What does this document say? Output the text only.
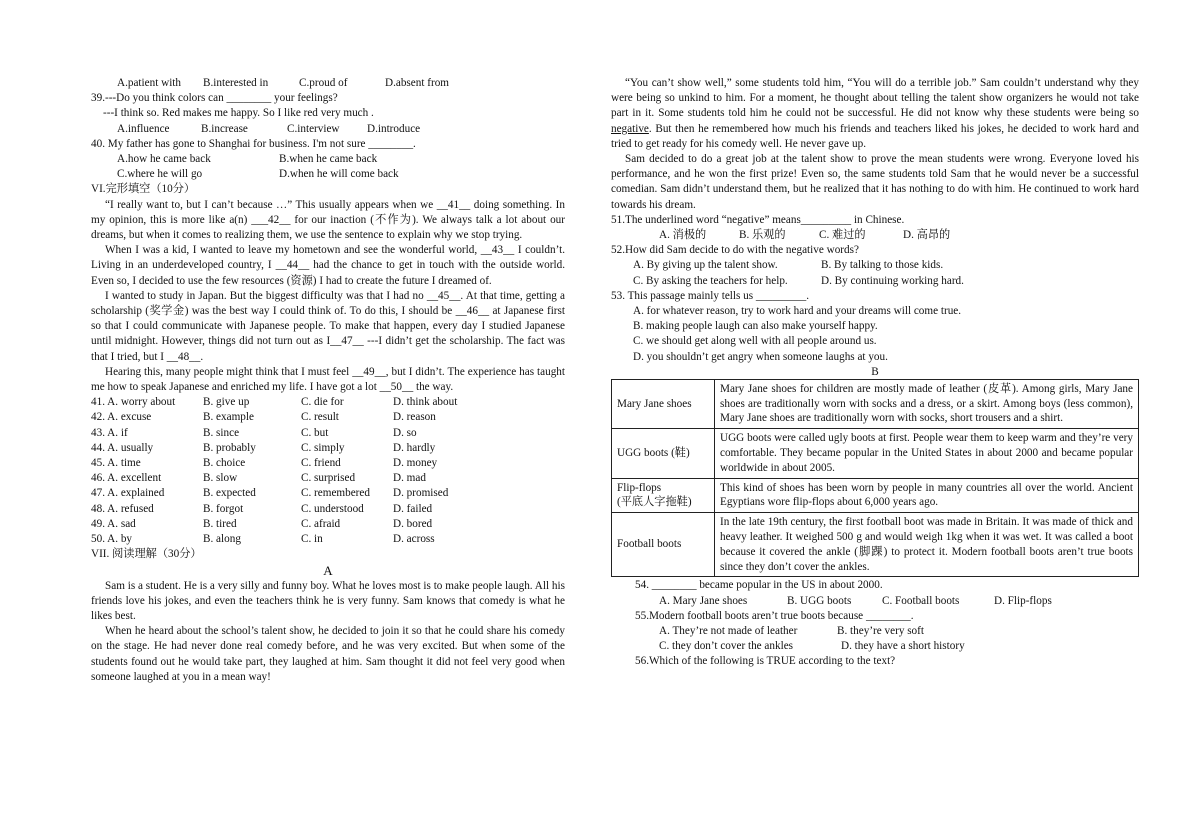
A.patient with	B.interested in	C.proud of	D.absent from
39.---Do you think colors can ________ your feelings?
---I think so. Red makes me happy. So I like red very much .
A.influence	B.increase	C.interview	D.introduce
40. My father has gone to Shanghai for business. I'm not sure ________.
A.how he came back	B.when he came back
C.where he will go	D.when he will come back
VI.完形填空（10分）
“I really want to, but I can’t because …” This usually appears when we __41__ doing something. In my opinion, this is more like a(n) ___42__ for our inaction (不作为). We always talk a lot about our dreams, but when it comes to realizing them, we use the sentence to explain why we stop trying.
When I was a kid, I wanted to leave my hometown and see the wonderful world, __43__ I couldn’t. Living in an underdeveloped country, I __44__ had the chance to get in touch with the outside world. Even so, I decided to use the few resources (资源) I had to create the future I dreamed of.
I wanted to study in Japan. But the biggest difficulty was that I had no __45__. At that time, getting a scholarship (奖学金) was the best way I could think of. To do this, I should be __46__ at Japanese first so that I could communicate with Japanese people. To make that happen, every day I studied Japanese until midnight. However, things did not turn out as I__47__ ---I didn’t get the scholarship. The fact was that I tried, but I __48__.
Hearing this, many people might think that I must feel __49__, but I didn’t. The experience has taught me how to speak Japanese and enriched my life. I have got a lot __50__ the way.
41. A. worry about	B. give up	C. die for	D. think about
42. A. excuse	B. example	C. result	D. reason
43. A. if	B. since	C. but	D. so
44. A. usually	B. probably	C. simply	D. hardly
45. A. time	B. choice	C. friend	D. money
46. A. excellent	B. slow	C. surprised	D. mad
47. A. explained	B. expected	C. remembered	D. promised
48. A. refused	B. forgot	C. understood	D. failed
49. A. sad	B. tired	C. afraid	D. bored
50. A. by	B. along	C. in	D. across
VII. 阅读理解（30分）
A
Sam is a student. He is a very silly and funny boy. What he loves most is to make people laugh. All his friends love his jokes, and even the teachers think he is very funny. Sam knows that comedy is what he likes best.
When he heard about the school’s talent show, he decided to join it so that he could share his comedy on the stage. He had never done real comedy before, and he was very excited. But when some of the students found out he would take part, they laughed at him. Sam thought it did not feel very good when someone laughed at you in a mean way!
“You can’t show well,” some students told him, “You will do a terrible job.” Sam couldn’t understand why they were being so unkind to him. For a moment, he thought about telling the talent show organizers he would not take part in it. Some students told him he could not be successful. He did not know why these students were being so negative. But then he remembered how much his friends and teachers liked his jokes, he decided to work hard and tried to get ready for his comedy well. He never gave up.
Sam decided to do a great job at the talent show to prove the mean students were wrong. Everyone loved his performance, and he won the first prize! Even so, the same students told Sam that he would never be a successful comedian. Sam didn’t understand them, but he realized that it has nothing to do with him. He continued to work hard towards his dream.
51.The underlined word “negative” means_________ in Chinese.
A. 消极的	B. 乐观的	C. 难过的	D. 高昂的
52.How did Sam decide to do with the negative words?
A. By giving up the talent show.	B. By talking to those kids.
C. By asking the teachers for help.	D. By continuing working hard.
53. This passage mainly tells us _________.
A. for whatever reason, try to work hard and your dreams will come true.
B. making people laugh can also make yourself happy.
C. we should get along well with all people around us.
D. you shouldn’t get angry when someone laughs at you.
B
Mary Jane shoes	Mary Jane shoes for children are mostly made of leather (皮革). Among girls, Mary Jane shoes are traditionally worn with socks and a dress, or a skirt. Among boys (less common), Mary Jane shoes are traditionally worn with socks, short trousers and a shirt.
UGG boots (鞋)	UGG boots were called ugly boots at first. People wear them to keep warm and they’re very comfortable. They became popular in the United States in about 2000 and became popular worldwide in about 2005.

Flip-flops
(平底人字拖鞋)	This kind of shoes has been worn by people in many countries all over the world. Ancient Egyptians wore flip-flops about 6,000 years ago.
Football boots	In the late 19th century, the first football boot was made in Britain. It was made of thick and heavy leather. It weighed 500 g and would weigh 1kg when it was wet. It was called a boot because it covered the ankle (脚踝) to protect it. Modern football boots aren’t true boots since they don’t cover the ankles.
54. ________ became popular in the US in about 2000.
A. Mary Jane shoes	B. UGG boots	C. Football boots	D. Flip-flops
55.Modern football boots aren’t true boots because ________.
A. They’re not made of leather	B. they’re very soft
C. they don’t cover the ankles	D. they have a short history
56.Which of the following is TRUE according to the text?
